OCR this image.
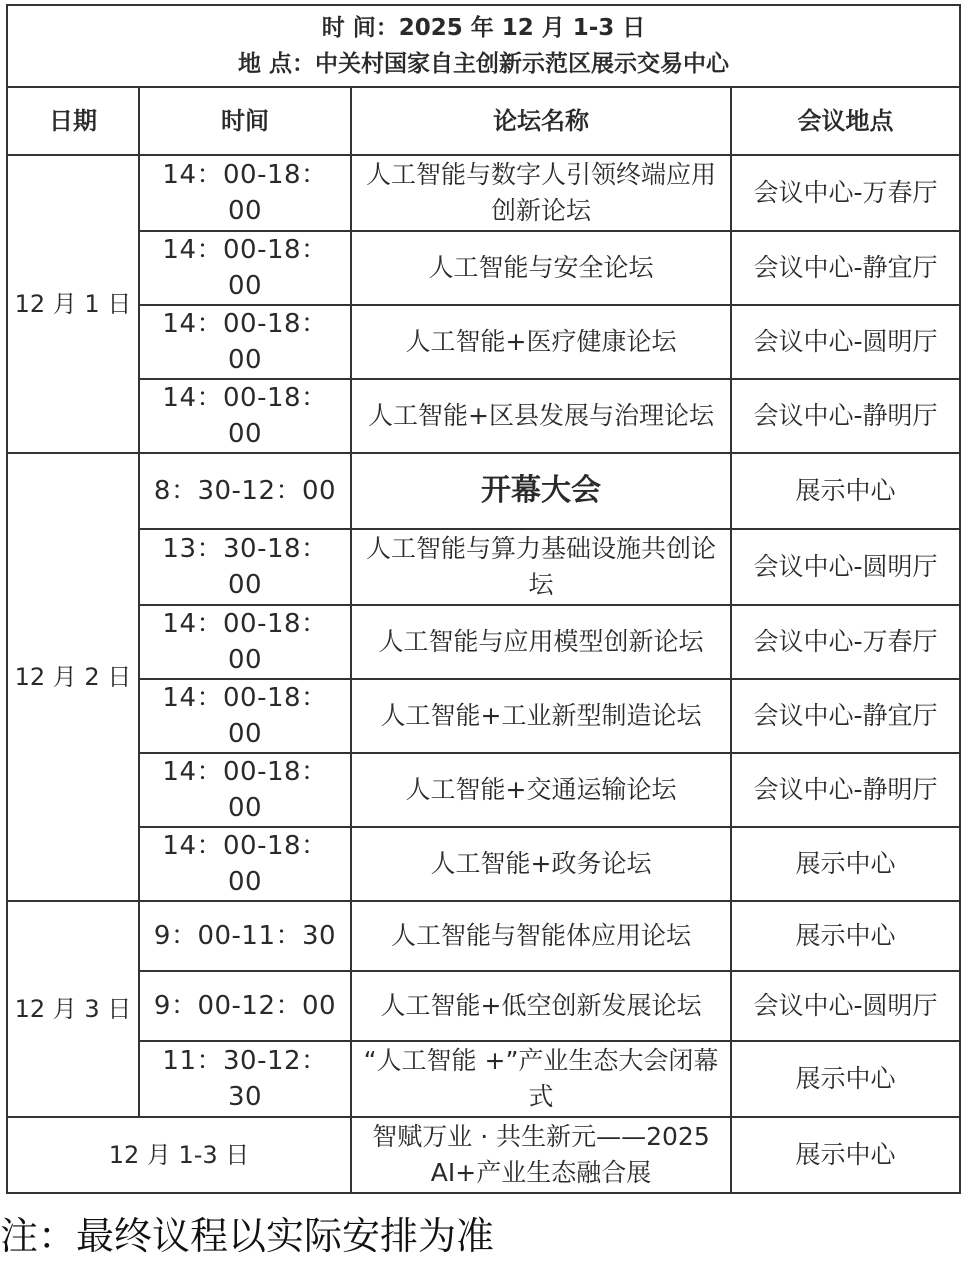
时 间：2025 年 12 月 1-3 日
地 点：中关村国家自主创新示范区展示交易中心			

日期	时间	论坛名称	会议地点
12 月 1 日	14：00-18：00	人工智能与数字人引领终端应用创新论坛	会议中心-万春厅
	14：00-18：00	人工智能与安全论坛	会议中心-静宜厅
	14：00-18：00	人工智能+医疗健康论坛	会议中心-圆明厅
	14：00-18：00	人工智能+区县发展与治理论坛	会议中心-静明厅
12 月 2 日	8：30-12：00	开幕大会	展示中心
	13：30-18：00	人工智能与算力基础设施共创论坛	会议中心-圆明厅
	14：00-18：00	人工智能与应用模型创新论坛	会议中心-万春厅
	14：00-18：00	人工智能+工业新型制造论坛	会议中心-静宜厅
	14：00-18：00	人工智能+交通运输论坛	会议中心-静明厅
	14：00-18：00	人工智能+政务论坛	展示中心
12 月 3 日	9：00-11：30	人工智能与智能体应用论坛	展示中心
	9：00-12：00	人工智能+低空创新发展论坛	会议中心-圆明厅
	11：30-12：30	“人工智能 +”产业生态大会闭幕式	展示中心
12 月 1-3 日		智赋万业 · 共生新元——2025 AI+产业生态融合展	展示中心
注：最终议程以实际安排为准
